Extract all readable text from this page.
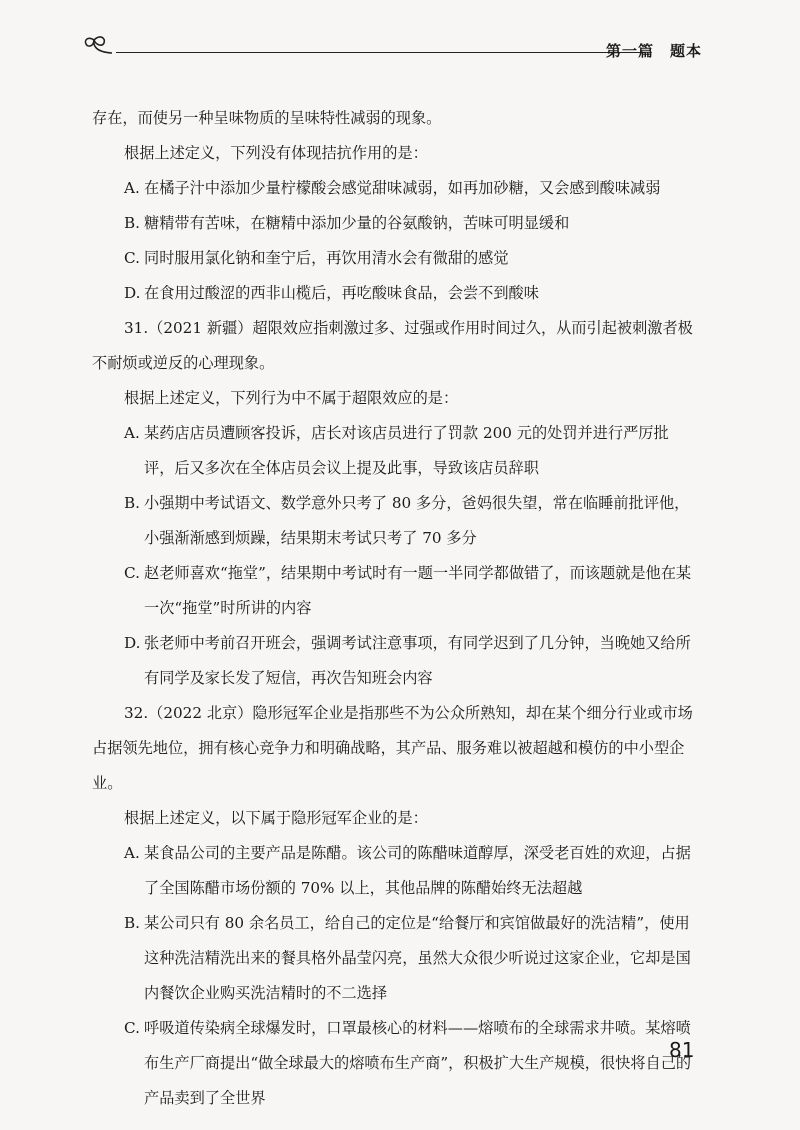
第一篇　题本

存在，而使另一种呈味物质的呈味特性减弱的现象。

根据上述定义，下列没有体现拮抗作用的是：

A. 在橘子汁中添加少量柠檬酸会感觉甜味减弱，如再加砂糖，又会感到酸味减弱

B. 糖精带有苦味，在糖精中添加少量的谷氨酸钠，苦味可明显缓和

C. 同时服用氯化钠和奎宁后，再饮用清水会有微甜的感觉

D. 在食用过酸涩的西非山榄后，再吃酸味食品，会尝不到酸味

31.（2021 新疆）超限效应指刺激过多、过强或作用时间过久，从而引起被刺激者极不耐烦或逆反的心理现象。

根据上述定义，下列行为中不属于超限效应的是：

A. 某药店店员遭顾客投诉，店长对该店员进行了罚款 200 元的处罚并进行严厉批评，后又多次在全体店员会议上提及此事，导致该店员辞职

B. 小强期中考试语文、数学意外只考了 80 多分，爸妈很失望，常在临睡前批评他，小强渐渐感到烦躁，结果期末考试只考了 70 多分

C. 赵老师喜欢“拖堂”，结果期中考试时有一题一半同学都做错了，而该题就是他在某一次“拖堂”时所讲的内容

D. 张老师中考前召开班会，强调考试注意事项，有同学迟到了几分钟，当晚她又给所有同学及家长发了短信，再次告知班会内容

32.（2022 北京）隐形冠军企业是指那些不为公众所熟知，却在某个细分行业或市场占据领先地位，拥有核心竞争力和明确战略，其产品、服务难以被超越和模仿的中小型企业。

根据上述定义，以下属于隐形冠军企业的是：

A. 某食品公司的主要产品是陈醋。该公司的陈醋味道醇厚，深受老百姓的欢迎，占据了全国陈醋市场份额的 70% 以上，其他品牌的陈醋始终无法超越

B. 某公司只有 80 余名员工，给自己的定位是“给餐厅和宾馆做最好的洗洁精”，使用这种洗洁精洗出来的餐具格外晶莹闪亮，虽然大众很少听说过这家企业，它却是国内餐饮企业购买洗洁精时的不二选择

C. 呼吸道传染病全球爆发时，口罩最核心的材料——熔喷布的全球需求井喷。某熔喷布生产厂商提出“做全球最大的熔喷布生产商”，积极扩大生产规模，很快将自己的产品卖到了全世界

81
